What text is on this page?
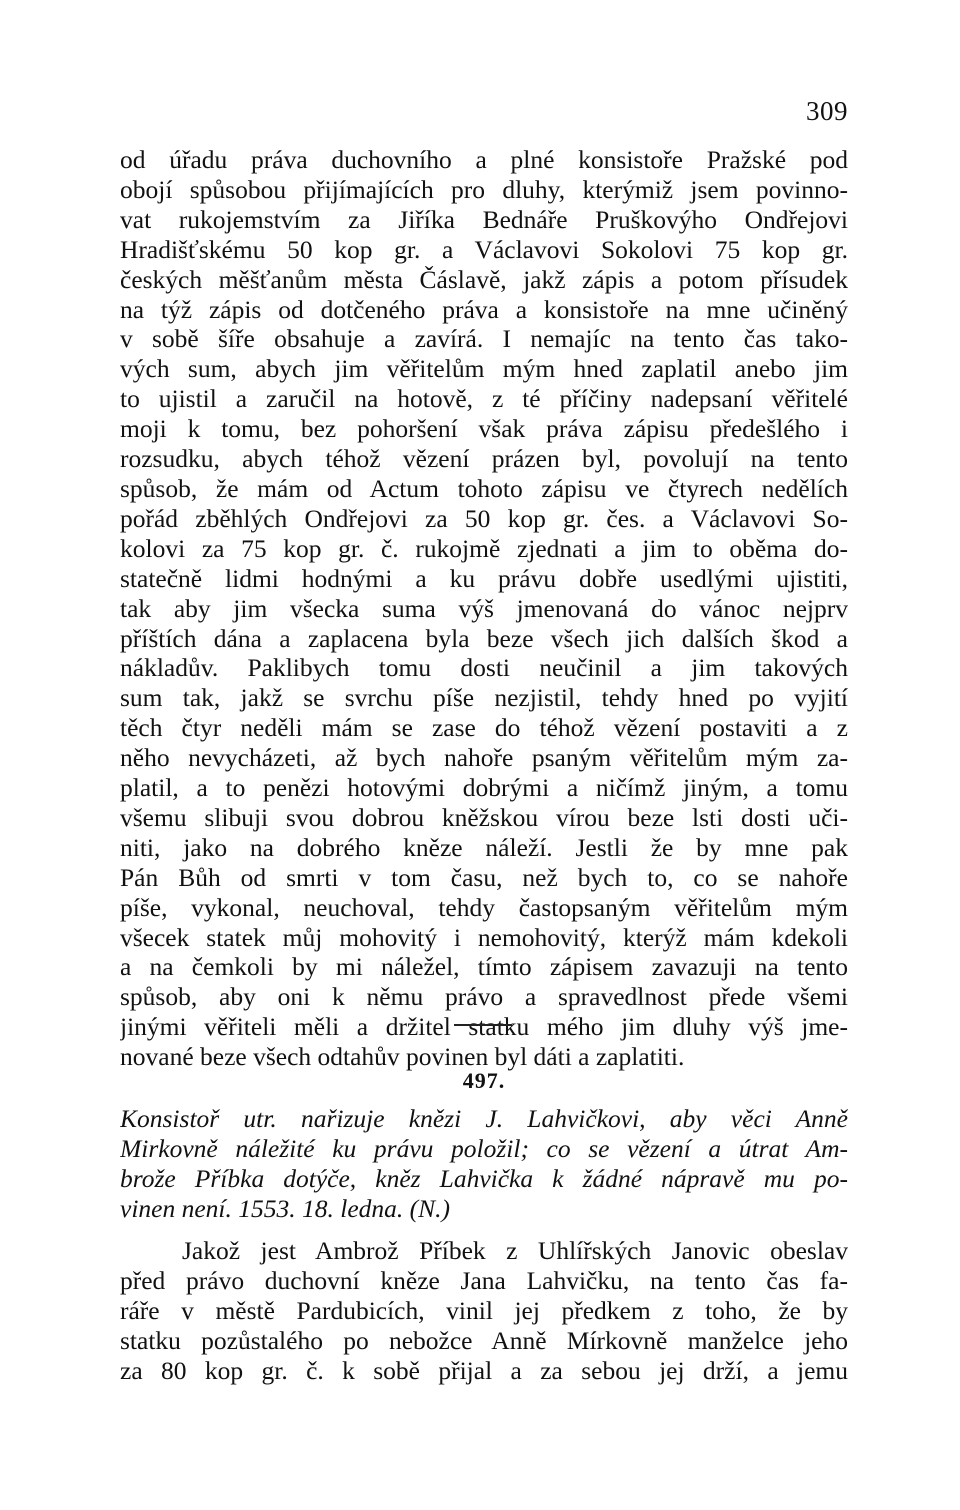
309
od úřadu práva duchovního a plné konsistoře Pražské pod
obojí spůsobou přijímajících pro dluhy, kterýmiž jsem povinno-
vat rukojemstvím za Jiříka Bednáře Pruškovýho Ondřejovi
Hradišťskému 50 kop gr. a Václavovi Sokolovi 75 kop gr.
českých měšťanům města Čáslavě, jakž zápis a potom přísudek
na týž zápis od dotčeného práva a konsistoře na mne učiněný
v sobě šíře obsahuje a zavírá. I nemajíc na tento čas tako-
vých sum, abych jim věřitelům mým hned zaplatil anebo jim
to ujistil a zaručil na hotově, z té příčiny nadepsaní věřitelé
moji k tomu, bez pohoršení však práva zápisu předešlého i
rozsudku, abych téhož vězení prázen byl, povolují na tento
spůsob, že mám od Actum tohoto zápisu ve čtyrech nedělích
pořád zběhlých Ondřejovi za 50 kop gr. čes. a Václavovi So-
kolovi za 75 kop gr. č. rukojmě zjednati a jim to oběma do-
statečně lidmi hodnými a ku právu dobře usedlými ujistiti,
tak aby jim všecka suma výš jmenovaná do vánoc nejprv
příštích dána a zaplacena byla beze všech jich dalších škod a
nákladův. Paklibych tomu dosti neučinil a jim takových
sum tak, jakž se svrchu píše nezjistil, tehdy hned po vyjití
těch čtyr neděli mám se zase do téhož vězení postaviti a z
něho nevycházeti, až bych nahoře psaným věřitelům mým za-
platil, a to penězi hotovými dobrými a ničímž jiným, a tomu
všemu slibuji svou dobrou kněžskou vírou beze lsti dosti uči-
niti, jako na dobrého kněze náleží. Jestli že by mne pak
Pán Bůh od smrti v tom času, než bych to, co se nahoře
píše, vykonal, neuchoval, tehdy častopsaným věřitelům mým
všecek statek můj mohovitý i nemohovitý, kterýž mám kdekoli
a na čemkoli by mi náležel, tímto zápisem zavazuji na tento
spůsob, aby oni k němu právo a spravedlnost přede všemi
jinými věřiteli měli a držitel statku mého jim dluhy výš jme-
nované beze všech odtahův povinen byl dáti a zaplatiti.
497.
Konsistoř utr. nařizuje knězi J. Lahvičkovi, aby věci Anně
Mirkovně náležité ku právu položil; co se vězení a útrat Am-
brože Příbka dotýče, kněz Lahvička k žádné nápravě mu po-
vinen není. 1553. 18. ledna. (N.)
Jakož jest Ambrož Příbek z Uhlířských Janovic obeslav
před právo duchovní kněze Jana Lahvičku, na tento čas fa-
ráře v městě Pardubicích, vinil jej předkem z toho, že by
statku pozůstalého po nebožce Anně Mírkovně manželce jeho
za 80 kop gr. č. k sobě přijal a za sebou jej drží, a jemu
